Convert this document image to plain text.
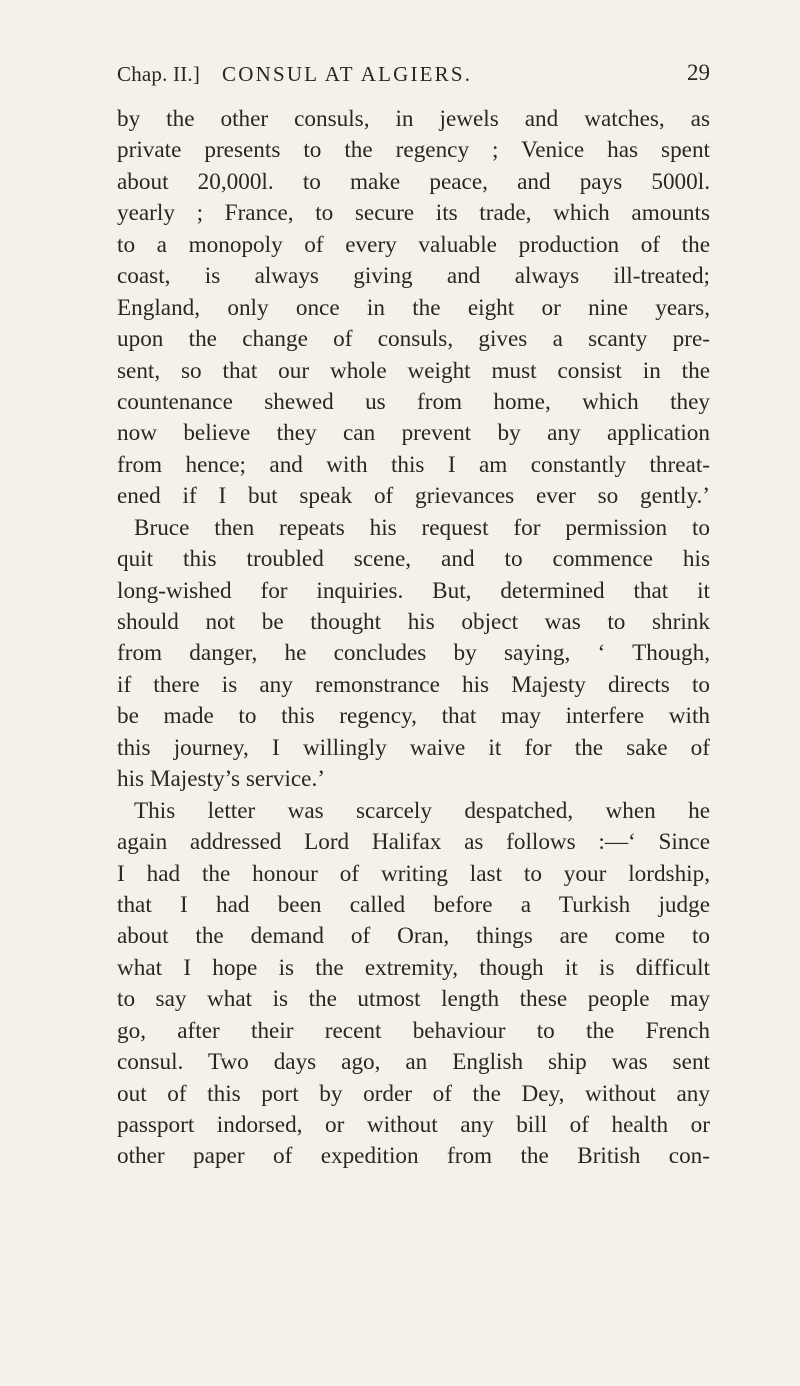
Chap. II.] CONSUL AT ALGIERS.	29
by the other consuls, in jewels and watches, as
private presents to the regency ; Venice has spent
about 20,000l. to make peace, and pays 5000l.
yearly ; France, to secure its trade, which amounts
to a monopoly of every valuable production of the
coast, is always giving and always ill-treated;
England, only once in the eight or nine years,
upon the change of consuls, gives a scanty pre-
sent, so that our whole weight must consist in the
countenance shewed us from home, which they
now believe they can prevent by any application
from hence; and with this I am constantly threat-
ened if I but speak of grievances ever so gently.’
Bruce then repeats his request for permission to
quit this troubled scene, and to commence his
long-wished for inquiries. But, determined that it
should not be thought his object was to shrink
from danger, he concludes by saying, ‘ Though,
if there is any remonstrance his Majesty directs to
be made to this regency, that may interfere with
this journey, I willingly waive it for the sake of
his Majesty’s service.’
This letter was scarcely despatched, when he
again addressed Lord Halifax as follows :—‘ Since
I had the honour of writing last to your lordship,
that I had been called before a Turkish judge
about the demand of Oran, things are come to
what I hope is the extremity, though it is difficult
to say what is the utmost length these people may
go, after their recent behaviour to the French
consul. Two days ago, an English ship was sent
out of this port by order of the Dey, without any
passport indorsed, or without any bill of health or
other paper of expedition from the British con-
